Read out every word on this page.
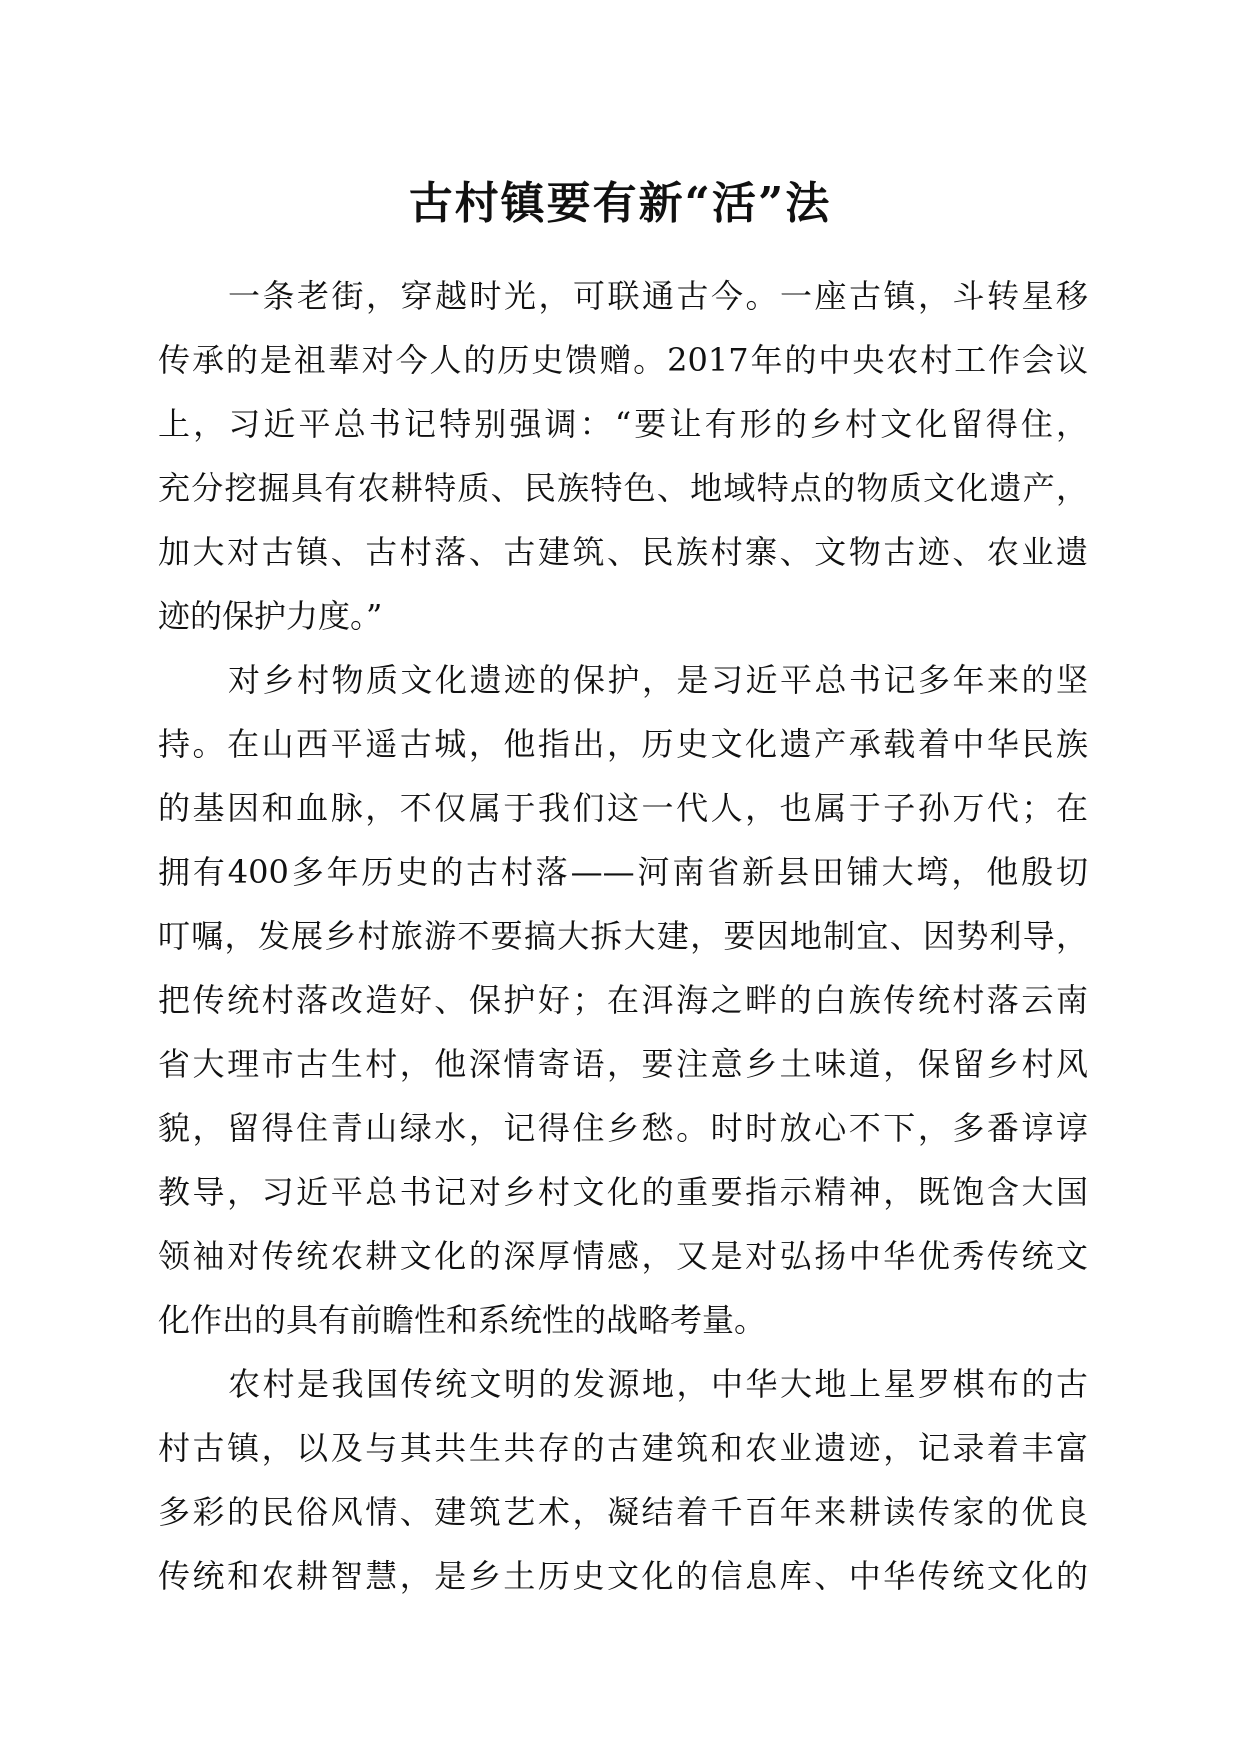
古村镇要有新“活”法
一条老街，穿越时光，可联通古今。一座古镇，斗转星移
传承的是祖辈对今人的历史馈赠。2017年的中央农村工作会议
上，习近平总书记特别强调：“要让有形的乡村文化留得住，
充分挖掘具有农耕特质、民族特色、地域特点的物质文化遗产，
加大对古镇、古村落、古建筑、民族村寨、文物古迹、农业遗
迹的保护力度。”
对乡村物质文化遗迹的保护，是习近平总书记多年来的坚
持。在山西平遥古城，他指出，历史文化遗产承载着中华民族
的基因和血脉，不仅属于我们这一代人，也属于子孙万代；在
拥有400多年历史的古村落——河南省新县田铺大塆，他殷切
叮嘱，发展乡村旅游不要搞大拆大建，要因地制宜、因势利导，
把传统村落改造好、保护好；在洱海之畔的白族传统村落云南
省大理市古生村，他深情寄语，要注意乡土味道，保留乡村风
貌，留得住青山绿水，记得住乡愁。时时放心不下，多番谆谆
教导，习近平总书记对乡村文化的重要指示精神，既饱含大国
领袖对传统农耕文化的深厚情感，又是对弘扬中华优秀传统文
化作出的具有前瞻性和系统性的战略考量。
农村是我国传统文明的发源地，中华大地上星罗棋布的古
村古镇，以及与其共生共存的古建筑和农业遗迹，记录着丰富
多彩的民俗风情、建筑艺术，凝结着千百年来耕读传家的优良
传统和农耕智慧，是乡土历史文化的信息库、中华传统文化的
